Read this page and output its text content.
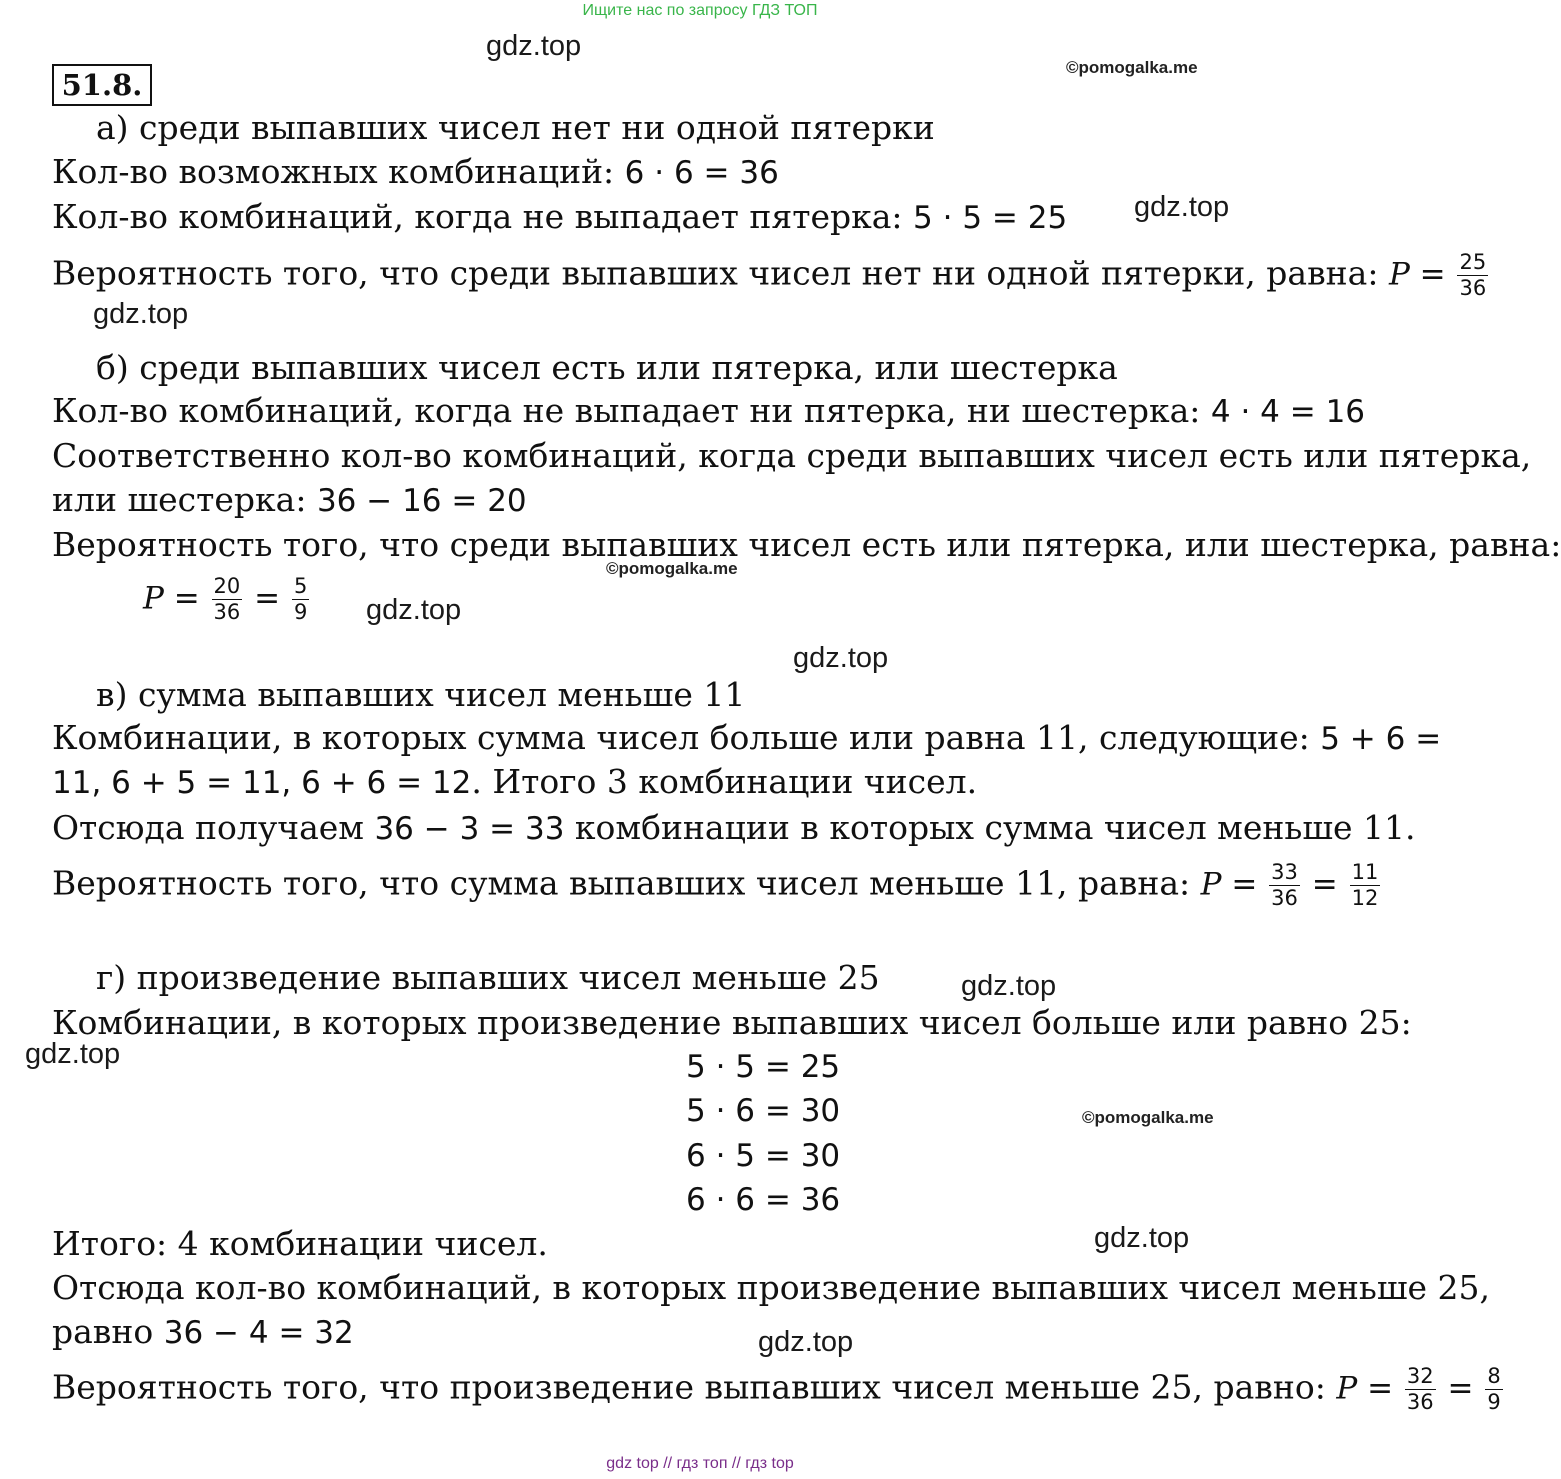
Ищите нас по запросу ГДЗ ТОП
gdz.top
©pomogalka.me
gdz.top
gdz.top
©pomogalka.me
gdz.top
gdz.top
gdz.top
gdz.top
©pomogalka.me
gdz.top
gdz.top
51.8.
а) среди выпавших чисел нет ни одной пятерки
Кол-во возможных комбинаций: 6 · 6 = 36
Кол-во комбинаций, когда не выпадает пятерка: 5 · 5 = 25
Вероятность того, что среди выпавших чисел нет ни одной пятерки, равна: $P = \frac{25}{36}$
б) среди выпавших чисел есть или пятерка, или шестерка
Кол-во комбинаций, когда не выпадает ни пятерка, ни шестерка: 4 · 4 = 16
Соответственно кол-во комбинаций, когда среди выпавших чисел есть или пятерка,
или шестерка: 36 − 16 = 20
Вероятность того, что среди выпавших чисел есть или пятерка, или шестерка, равна:
$P = \frac{20}{36} = \frac{5}{9}$
в) сумма выпавших чисел меньше 11
Комбинации, в которых сумма чисел больше или равна 11, следующие: 5 + 6 =
11, 6 + 5 = 11, 6 + 6 = 12. Итого 3 комбинации чисел.
Отсюда получаем 36 − 3 = 33 комбинации в которых сумма чисел меньше 11.
Вероятность того, что сумма выпавших чисел меньше 11, равна: $P = \frac{33}{36} = \frac{11}{12}$
г) произведение выпавших чисел меньше 25
Комбинации, в которых произведение выпавших чисел больше или равно 25:
5 · 5 = 25
5 · 6 = 30
6 · 5 = 30
6 · 6 = 36
Итого: 4 комбинации чисел.
Отсюда кол-во комбинаций, в которых произведение выпавших чисел меньше 25,
равно 36 − 4 = 32
Вероятность того, что произведение выпавших чисел меньше 25, равно: $P = \frac{32}{36} = \frac{8}{9}$
gdz top // гдз топ // гдз top
